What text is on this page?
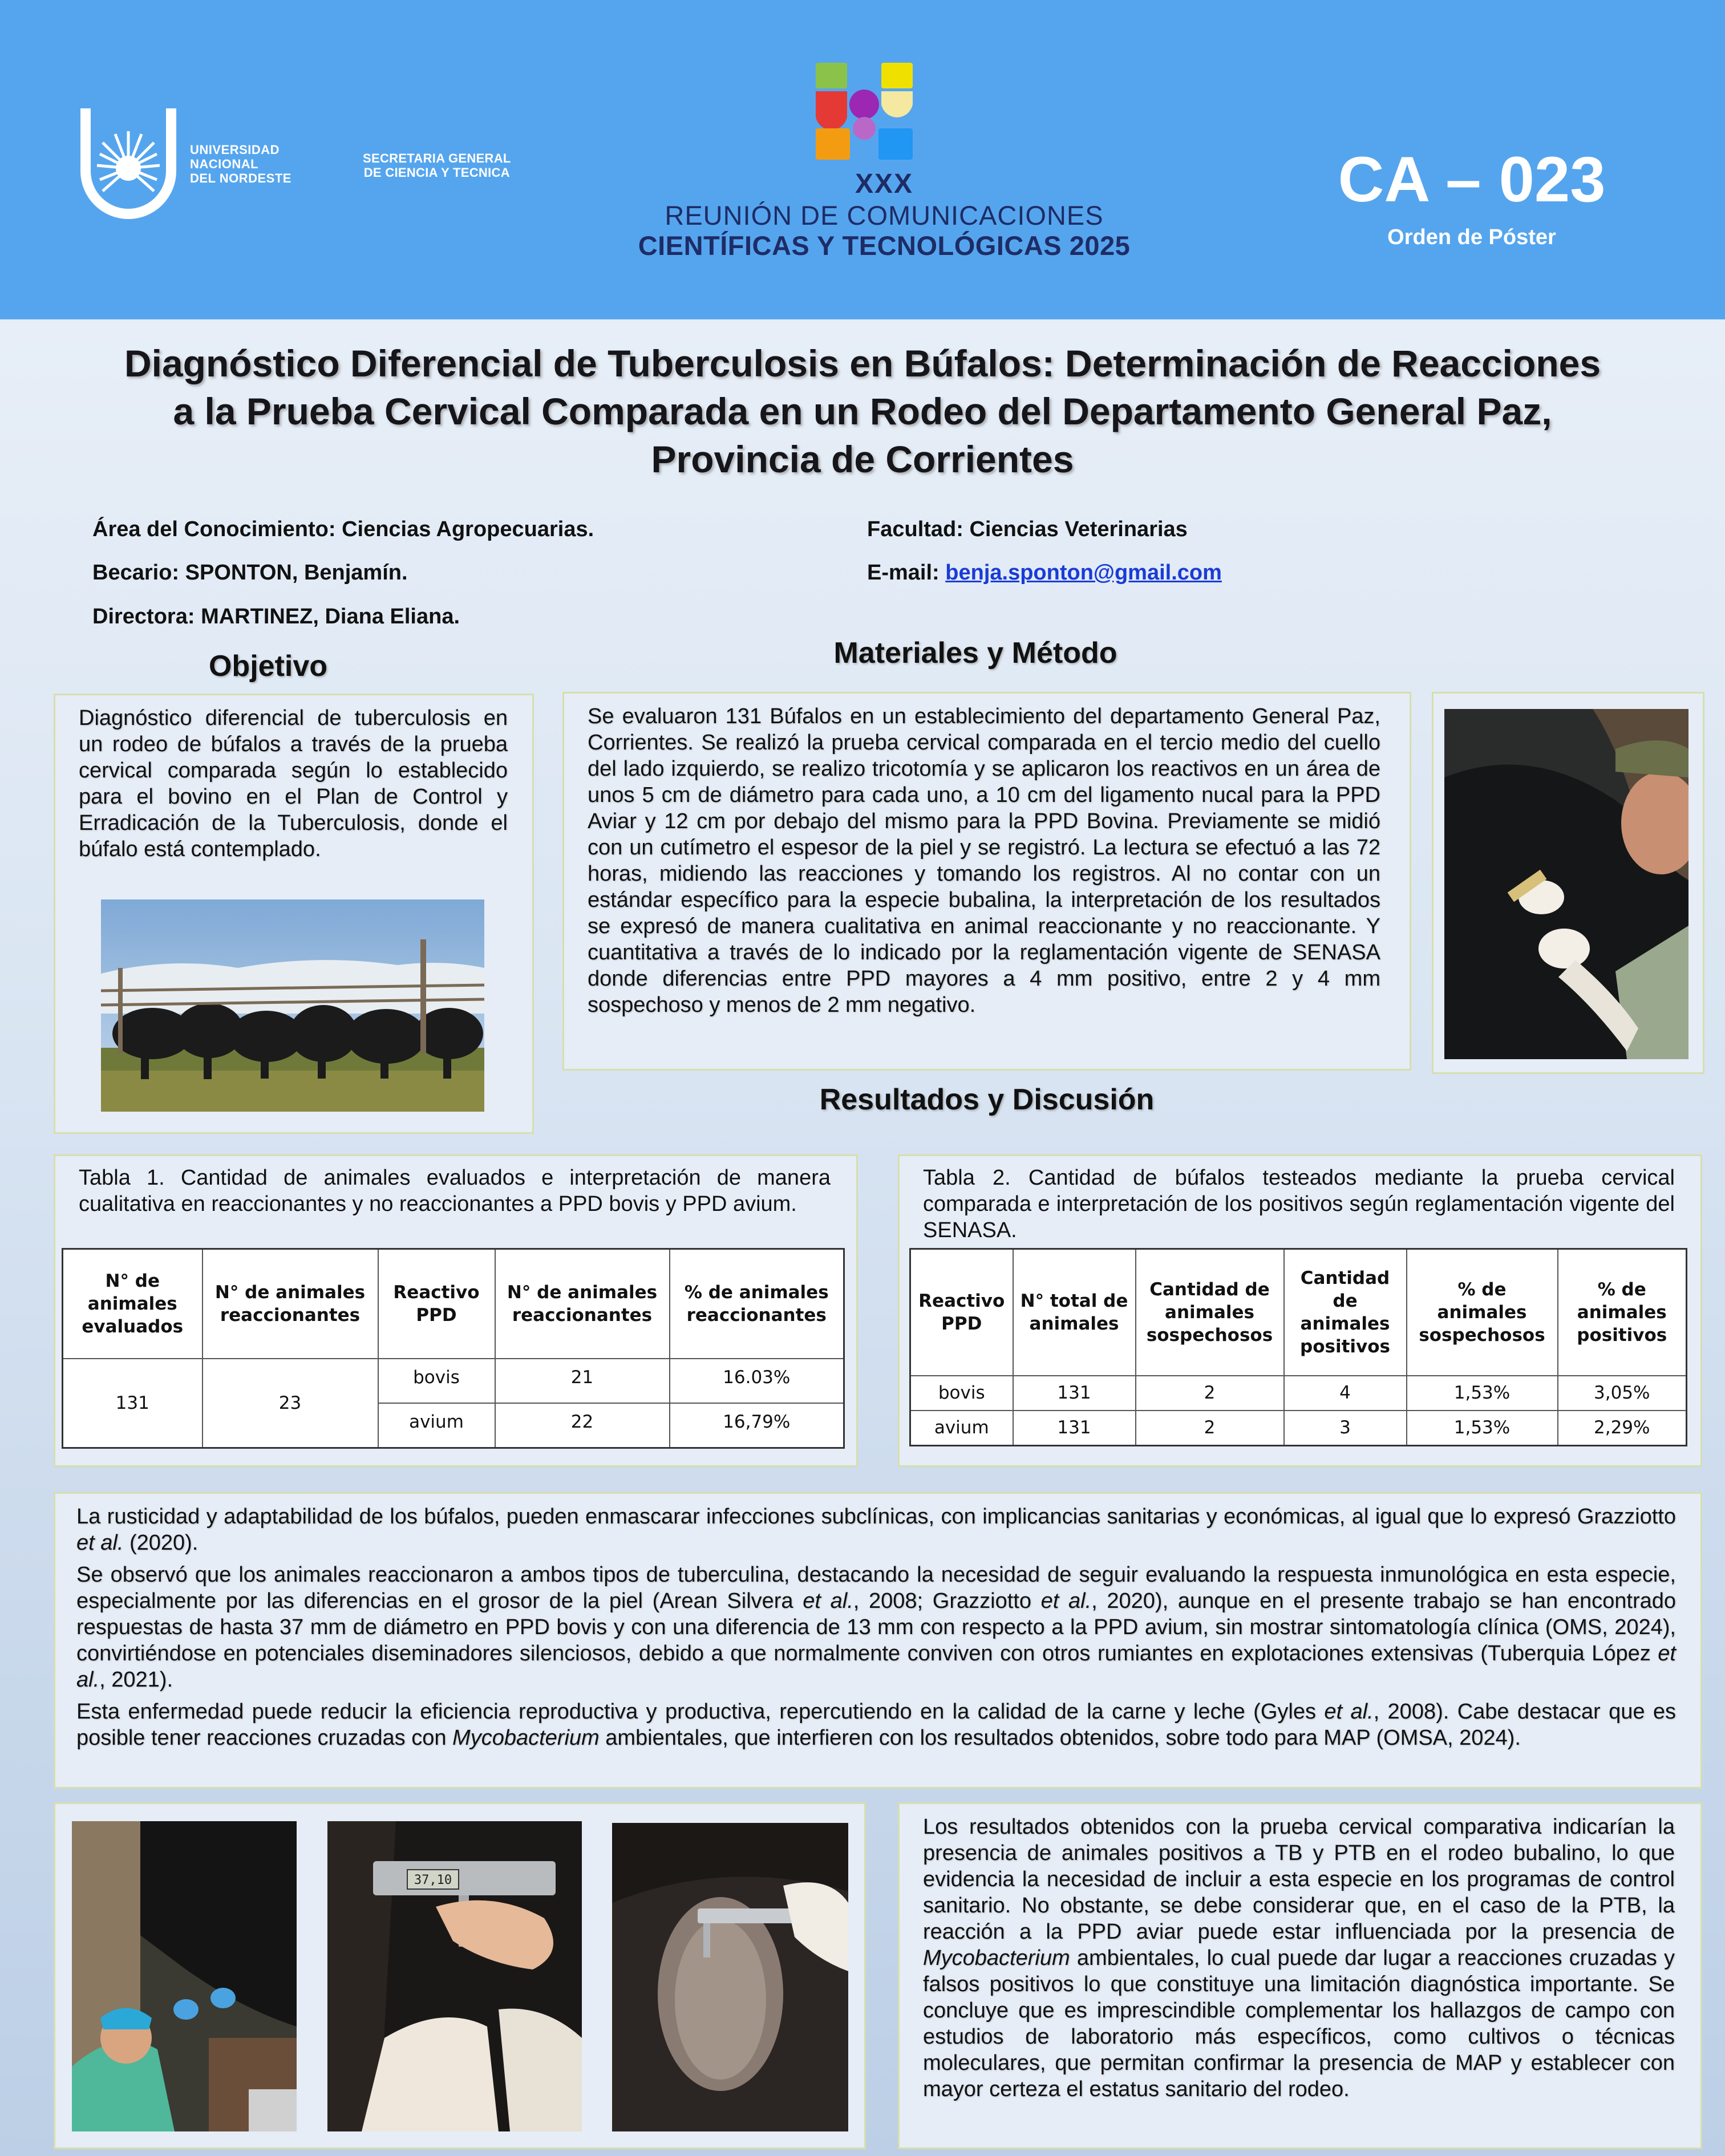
UNIVERSIDAD
NACIONAL
DEL NORDESTE
SECRETARIA GENERAL
DE CIENCIA Y TECNICA	XXX
REUNIÓN DE COMUNICACIONES
CIENTÍFICAS Y TECNOLÓGICAS 2025
CA – 023
Orden de Póster
Diagnóstico Diferencial de Tuberculosis en Búfalos: Determinación de Reacciones
a la Prueba Cervical Comparada en un Rodeo del Departamento General Paz,
Provincia de Corrientes
Área del Conocimiento: Ciencias Agropecuarias.
Becario: SPONTON, Benjamín.
Directora: MARTINEZ, Diana Eliana.
Facultad: Ciencias Veterinarias
E-mail: benja.sponton@gmail.com
Objetivo
Diagnóstico diferencial de tuberculosis en un rodeo de búfalos a través de la prueba cervical comparada según lo establecido para el bovino en el Plan de Control y Erradicación de la Tuberculosis, donde el búfalo está contemplado.
Materiales y Método
Se evaluaron 131 Búfalos en un establecimiento del departamento General Paz, Corrientes. Se realizó la prueba cervical comparada en el tercio medio del cuello del lado izquierdo, se realizo tricotomía y se aplicaron los reactivos en un área de unos 5 cm de diámetro para cada uno, a 10 cm del ligamento nucal para la PPD Aviar y 12 cm por debajo del mismo para la PPD Bovina. Previamente se midió con un cutímetro el espesor de la piel y se registró. La lectura se efectuó a las 72 horas, midiendo las reacciones y tomando los registros. Al no contar con un estándar específico para la especie bubalina, la interpretación de los resultados se expresó de manera cualitativa en animal reaccionante y no reaccionante. Y cuantitativa a través de lo indicado por la reglamentación vigente de SENASA donde diferencias entre PPD mayores a 4 mm positivo, entre 2 y 4 mm sospechoso y menos de 2 mm negativo.
Resultados y Discusión
Tabla 1. Cantidad de animales evaluados e interpretación de manera cualitativa en reaccionantes y no reaccionantes a PPD bovis y PPD avium.
N° de animales evaluados	N° de animales reaccionantes	Reactivo PPD	N° de animales reaccionantes	% de animales reaccionantes
131	23	bovis	21	16.03%
		avium	22	16,79%
Tabla 2. Cantidad de búfalos testeados mediante la prueba cervical comparada e interpretación de los positivos según reglamentación vigente del SENASA.
Reactivo PPD	N° total de animales	Cantidad de animales sospechosos	Cantidad de animales positivos	% de animales sospechosos	% de animales positivos
bovis	131	2	4	1,53%	3,05%
avium	131	2	3	1,53%	2,29%

La rusticidad y adaptabilidad de los búfalos, pueden enmascarar infecciones subclínicas, con implicancias sanitarias y económicas, al igual que lo expresó Grazziotto et al. (2020).

Se observó que los animales reaccionaron a ambos tipos de tuberculina, destacando la necesidad de seguir evaluando la respuesta inmunológica en esta especie, especialmente por las diferencias en el grosor de la piel (Arean Silvera et al., 2008; Grazziotto et al., 2020), aunque en el presente trabajo se han encontrado respuestas de hasta 37 mm de diámetro en PPD bovis y con una diferencia de 13 mm con respecto a la PPD avium, sin mostrar sintomatología clínica (OMS, 2024), convirtiéndose en potenciales diseminadores silenciosos, debido a que normalmente conviven con otros rumiantes en explotaciones extensivas (Tuberquia López et al., 2021).

Esta enfermedad puede reducir la eficiencia reproductiva y productiva, repercutiendo en la calidad de la carne y leche (Gyles et al., 2008). Cabe destacar que es posible tener reacciones cruzadas con Mycobacterium ambientales, que interfieren con los resultados obtenidos, sobre todo para MAP (OMSA, 2024).

37,10
Los resultados obtenidos con la prueba cervical comparativa indicarían la presencia de animales positivos a TB y PTB en el rodeo bubalino, lo que evidencia la necesidad de incluir a esta especie en los programas de control sanitario. No obstante, se debe considerar que, en el caso de la PTB, la reacción a la PPD aviar puede estar influenciada por la presencia de Mycobacterium ambientales, lo cual puede dar lugar a reacciones cruzadas y falsos positivos lo que constituye una limitación diagnóstica importante. Se concluye que es imprescindible complementar los hallazgos de campo con estudios de laboratorio más específicos, como cultivos o técnicas moleculares, que permitan confirmar la presencia de MAP y establecer con mayor certeza el estatus sanitario del rodeo.
